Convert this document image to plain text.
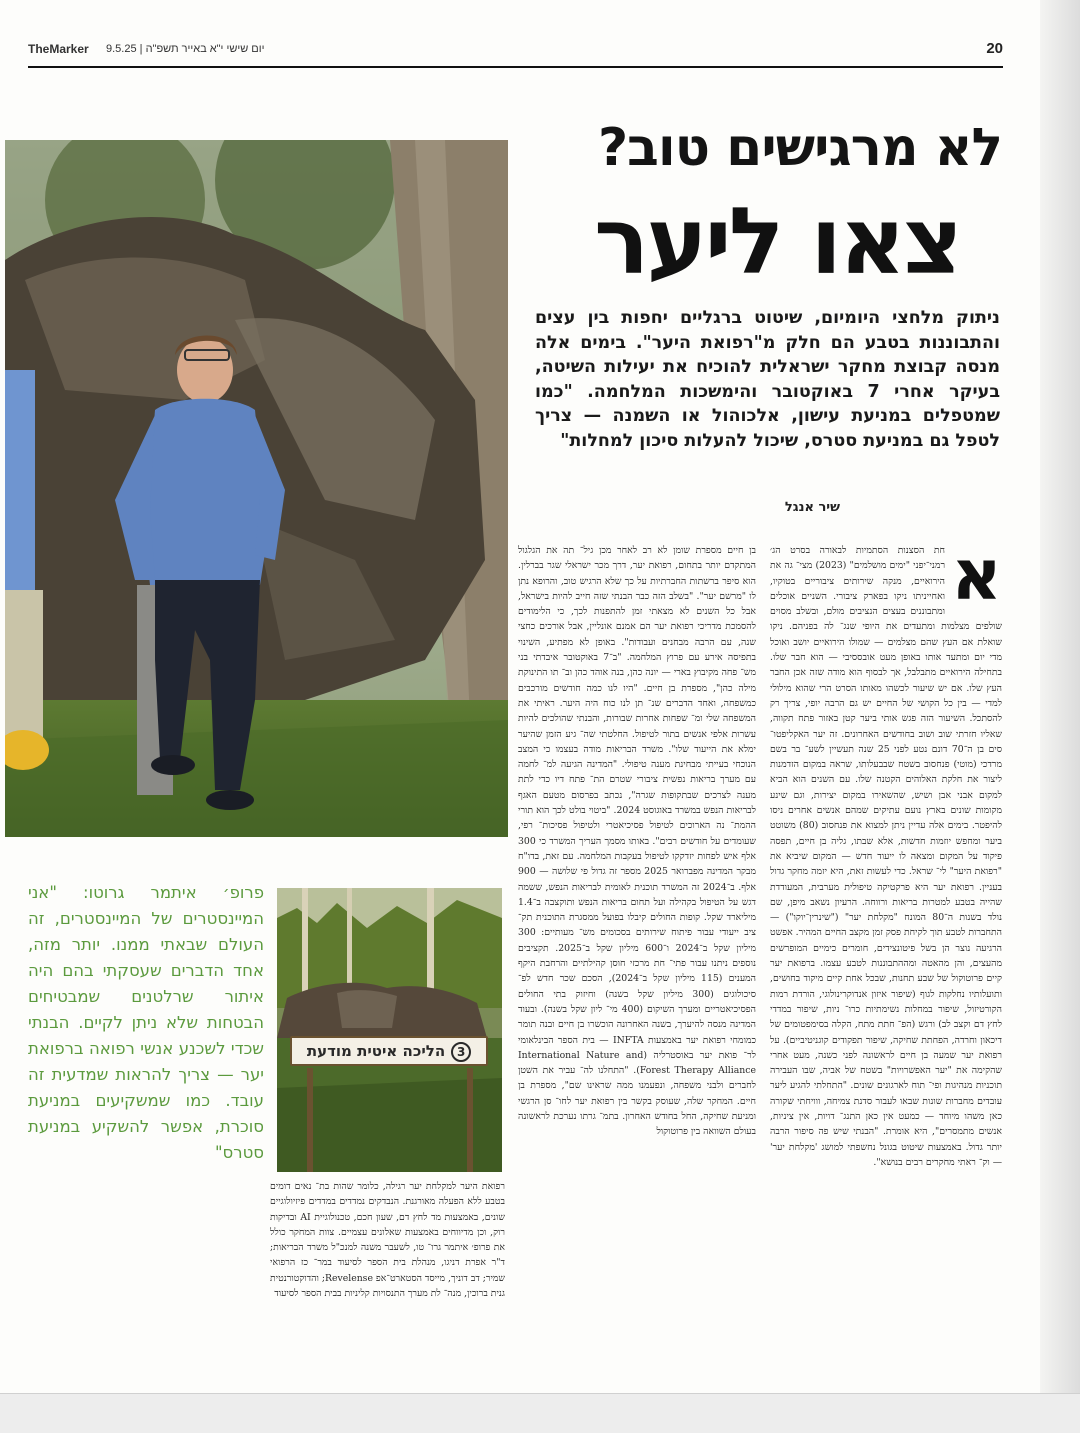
TheMarker יום שישי י"א באייר תשפ"ה | 9.5.25	20
לא מרגישים טוב?
צאו ליער
ניתוק מלחצי היומיום, שיטוט ברגליים יחפות בין עצים והתבוננות בטבע הם חלק מ"רפואת היער". בימים אלה מנסה קבוצת מחקר ישראלית להוכיח את יעילות השיטה, בעיקר אחרי 7 באוקטובר והימשכות המלחמה. "כמו שמטפלים במניעת עישון, אלכוהול או השמנה — צריך לטפל גם במניעת סטרס, שיכול להעלות סיכון למחלות"
שיר אנגל
א
חת הסצנות הסתמיות לבאורה בסרט הג׳ רמני־יפני "ימים מושלמים" (2023) מצי־ גה את הירואיים, מנקה שירותים ציבוריים בטוקיו, ואחייניתו ניקו בפארק ציבורי. השניים אוכלים ומתבוננים בעצים הנציבים מולם, ובשלב מסוים שולפים מצלמות ומתעדים את היופי שנג־ לה בפניהם. ניקו שואלת אם העץ שהם מצלמים — שמולו הירואיים יושב ואוכל מדי יום ומתעד אותו באופן מעט אובססיבי — הוא חבר שלו. בתחילה הירואיים מתבלבל, אך לבסוף הוא מודה שזה אכן החבר העץ שלו. אם יש שיעור לכשהו מאותו הסרט הרי שהוא מילולי למדי — בין כל הקושי של החיים יש גם הרבה יופי, צריך רק להסתכל. השיעור הזה פגש אותי ביער קטן באזור פתח תקווה, שאליו חזרתי שוב ושוב בחודשים האחרונים. זה יער האקליפטו־ סים בן ה־70 דונם נטע לפני 25 שנה תעשיין לשע־ בר בשם מרדכי (מוטי) פנחסוב בשטח שבבעלותו, שראה במקום הזדמנות ליצור את חלקת האלוהים הקטנה שלו. עם השנים הוא הביא למקום אבני אבן ושיש, שהשאירו במקום יצירות, וגם שינע מקומות שונים בארץ נועם עתיקים שמהם אנשים אחרים ניסו להיפטר. בימים אלה עדיין ניתן למצוא את פנחסוב (80) משוטט ביער ומחפש יוזמות חדשות, אלא שבתו, גליה בן חיים, תפסה פיקוד על המקום ומצאה לו ייעוד חדש — המקום שיביא את "רפואת היער" לי־ שראל. כדי לעשות זאת, היא יזמה מחקר גדול בעניין. רפואת יער היא פרקטיקה טיפולית מערבית, המעודדת שהייה בטבע למטרות בריאות ורווחה. הרעיון נשאב מיפן, שם נולד בשנות ה־80 המונח "מקלחת יער" ("שינרין־יוקו") — התחברות לטבע תוך לקיחת פסק זמן מקצב החיים המהיר. אפשט הרגיעה נוצר הן בשל פיטונצידים, חומרים כימיים המופרשים מהעצים, והן מהאטה ומההתבוננות לטבע עצמו. ברפואת יער קיים פרוטוקול של שבע תחנות, שבכל אחת קיים מיקוד בחושים, ותועלותיו נחלקות לגוף (שיפור איזון אנדוקרינולוגי, הורדת רמות הקורטיזול, שיפור במחלות נשימתיות כרו־ ניות, שיפור במדדי לחץ דם וקצב לב) ורגש (הפ־ חתת מתח, הקלה בסימפטומים של דיכאון וחרדה, הפחתת שחיקה, שיפור תפקודים קוגניטיביים). על רפואת יער שמעה בן חיים לראשונה לפני כשנה, מעט אחרי שהקימה את "יער האפשרויות" בשטח של אביה, שבו העבירה תוכניות מנהיגות ופי־ תוח לארגונים שונים. "התחלתי להגיע ליער עובדים מחברות שונות שבאו לעבור סדנת צמיחה, ווויחתי שקורה כאן משהו מיוחד — כמעט אין כאן התנג־ דויות, אין ציניות, אנשים מתמסרים", היא אומרת. "הבנתי שיש פה סיפור הרבה יותר גדול. באמצעות שיטוט בגונל נחשפתי למושג 'מקלחת יער' — וק־ ראתי מחקרים רבים בנושא".
בן חיים מספרת שומן לא רב לאחר מכן גיל־ תה את הגלגול המתקדם יותר בתחום, רפואת יער, דרך מכר ישראלי שגר בברלין. הוא סיפר ברשתות החברתיות על כך שלא הרגיש טוב, והרופא נתן לו "מרשם יער". "בשלב הזה כבר הבנתי שזה חייב להיות בישראל, אבל כל השנים לא מצאתי זמן להתפנות לכך, כי הלימודים להסמכת מדריכי רפואת יער הם אמנם אונליין, אבל אורכים כחצי שנה, עם הרבה מבחנים ועבודות". באופן לא מפתיע, השינוי בתפיסה אירע עם פרוץ המלחמה. "ב־7 באוקטובר איבדתי בני מש־ פחה מקיבוץ בארי — יונה כהן, בנה אוהד כהן וב־ תו התינוקת מילה כהן", מספרת בן חיים. "היו לנו כמה חודשים מורכבים כמשפחה, ואחד הדברים שנ־ תן לנו כוח היה היער. ראיתי את המשפחה שלי ומ־ שפחות אחרות שבורות, והבנתי שהולכים להיות עשרות אלפי אנשים בתור לטיפול. החלטתי שה־ גיע הזמן שהיער ימלא את הייעוד שלו". משרד הבריאות מודה בעצמו כי המצב הנוכחי בעייתי מבחינת מענה טיפולי. "המדינה הגיעה למ־ לחמה עם מערך בריאות נפשית ציבורי שטרם הת־ פתח דיו כדי לתת מענה לצרכים שבתקופות שגרה", נכתב בפרסום מטעם האגף לבריאות הנפש במשרד באוגוסט 2024. "ביטוי בולט לכך הוא תורי ההמת־ נה הארוכים לטיפול פסיכיאטרי ולטיפול פסיכות־ רפי, שעומדים על חודשים רבים". באותו מסמך העריך המשרד כי 300 אלף איש לפחות יזדקקו לטיפול בעקבות המלחמה. עם זאת, בדו"ח מבקר המדינה מפברואר 2025 מספר זה גדול פי שלושה — 900 אלף. ב־2024 זה המשרד תוכנית לאומית לבריאות הנפש, ששמה דגש על הטיפול בקהילה ועל תחום בריאות הנפש ותוקצבה ב־1.4 מיליארד שקל. קופות החולים קיבלו בפועל ממסגרת התוכנית תק־ ציב ייעודי עבור פיתוח שירותים בסכומים מש־ מעותיים: 300 מיליון שקל ב־2024 ו־600 מיליון שקל ב־2025. תקציבים נוספים ניתנו עבור פתי־ חת מרכזי חוסן קהילתיים והרחבת היקף המענים (115 מיליון שקל ב־2024), הסכם שכר חדש לפ־ סיכולוגים (300 מיליון שקל בשנה) וחיזוק בתי החולים הפסיכיאטריים ומערך השיקום (400 מי־ ליון שקל בשנה). ובעוד המדינה מנסה להיערך, בשנה האחרונה הוכשרו בן חיים ובנה תומר כמומחי רפואת יער באמצעות INFTA — בית הספר הבינלאומי לר־ פואת יער באוסטרליה (International Nature and Forest Therapy Alliance). "התחלנו לה־ עביר את השטן לחברים ולבני משפחה, ונפעמנו ממה שראינו שם", מספרת בן חיים. המחקר שלה, שעוסק בקשר בין רפואת יער לחו־ סן הרגשי ומניעת שחיקה, החל בחודש האחרון. בתמ־ גרתו נערכת לראשונה בעולם השוואה בין פרוטוקול
רפואת היער למקלחת יער רגילה, כלומר שהות בת־ נאים דומים בטבע ללא הפעלה מאורגנת. הנבדקים נמדדים במדדים פיזיולוגיים שונים, באמצעות מד לחץ דם, שעון חכם, טכנולוגיית AI ובדיקות רוק, וכן מדיווחים באמצעות שאלונים עצמיים. צוות המחקר כולל את פרופ׳ איתמר גרו־ טו, לשעבר משנה למנכ"ל משרד הבריאות; ד"ר אפרת דניגו, מנהלת בית הספר לסיעוד במר־ כז הרפואי שמיר; דב דוניך, מייסד הסטארט־אפ Revelense; והדוקטורנטית גנית ברוכין, מנה־ לת מערך התנסויות קליניות בבית הספר לסיעוד
פרופ׳ איתמר גרוטו: "אני המיינסטרים של המיינסטרים, זה העולם שבאתי ממנו. יותר מזה, אחד הדברים שעסקתי בהם היה איתור שרלטנים שמבטיחים הבטחות שלא ניתן לקיים. הבנתי שכדי לשכנע אנשי רפואה ברפואת יער — צריך להראות שמדעית זה עובד. כמו שמשקיעים במניעת סוכרת, אפשר להשקיע במניעת סטרס"
3הליכה איטית מודעת
